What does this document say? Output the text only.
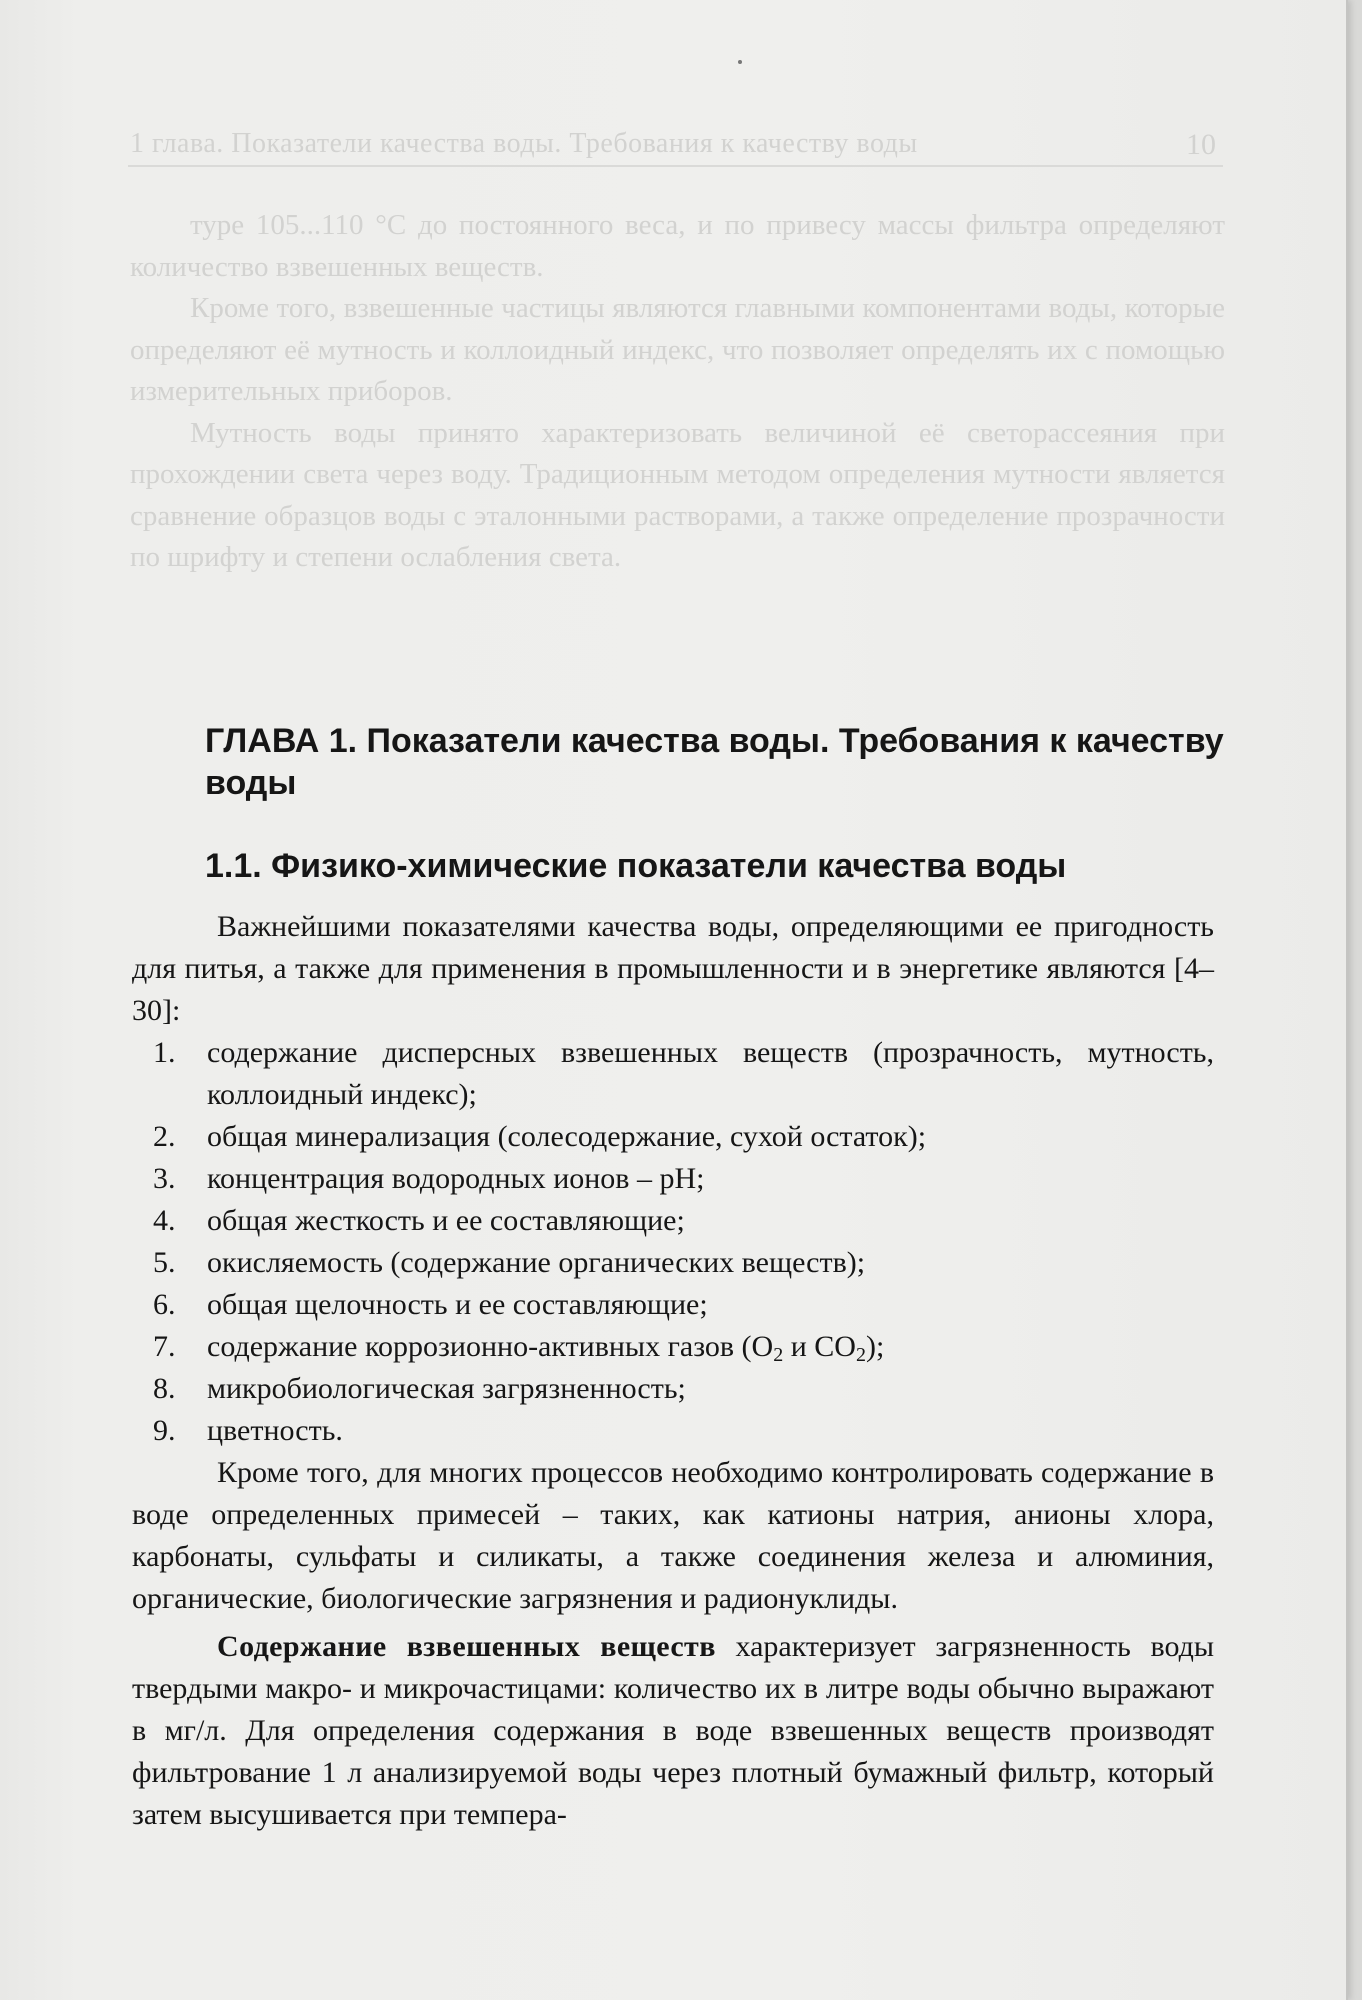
1 глава. Показатели качества воды. Требования к качеству воды	10

туре 105...110 °С до постоянного веса, и по привесу массы фильтра определяют количество взвешенных веществ.

Кроме того, взвешенные частицы являются главными компонентами воды, которые определяют её мутность и коллоидный индекс, что позволяет определять их с помощью измерительных приборов.

Мутность воды принято характеризовать величиной её светорассеяния при прохождении света через воду. Традиционным методом определения мутности является сравнение образцов воды с эталонными растворами, а также определение прозрачности по шрифту и степени ослабления света.

ГЛАВА 1. Показатели качества воды. Требования к качеству воды
1.1. Физико-химические показатели качества воды

Важнейшими показателями качества воды, определяющими ее пригодность для питья, а также для применения в промышленности и в энергетике являются [4–30]:

1. содержание дисперсных взвешенных веществ (прозрачность, мутность, коллоидный индекс);
2. общая минерализация (солесодержание, сухой остаток);
3. концентрация водородных ионов – pH;
4. общая жесткость и ее составляющие;
5. окисляемость (содержание органических веществ);
6. общая щелочность и ее составляющие;
7. содержание коррозионно-активных газов ($O_2$ и $CO_2$);
8. микробиологическая загрязненность;
9. цветность.

Кроме того, для многих процессов необходимо контролировать содержание в воде определенных примесей – таких, как катионы натрия, анионы хлора, карбонаты, сульфаты и силикаты, а также соединения железа и алюминия, органические, биологические загрязнения и радионуклиды.

Содержание взвешенных веществ характеризует загрязненность воды твердыми макро- и микрочастицами: количество их в литре воды обычно выражают в мг/л. Для определения содержания в воде взвешенных веществ производят фильтрование 1 л анализируемой воды через плотный бумажный фильтр, который затем высушивается при темпера-
